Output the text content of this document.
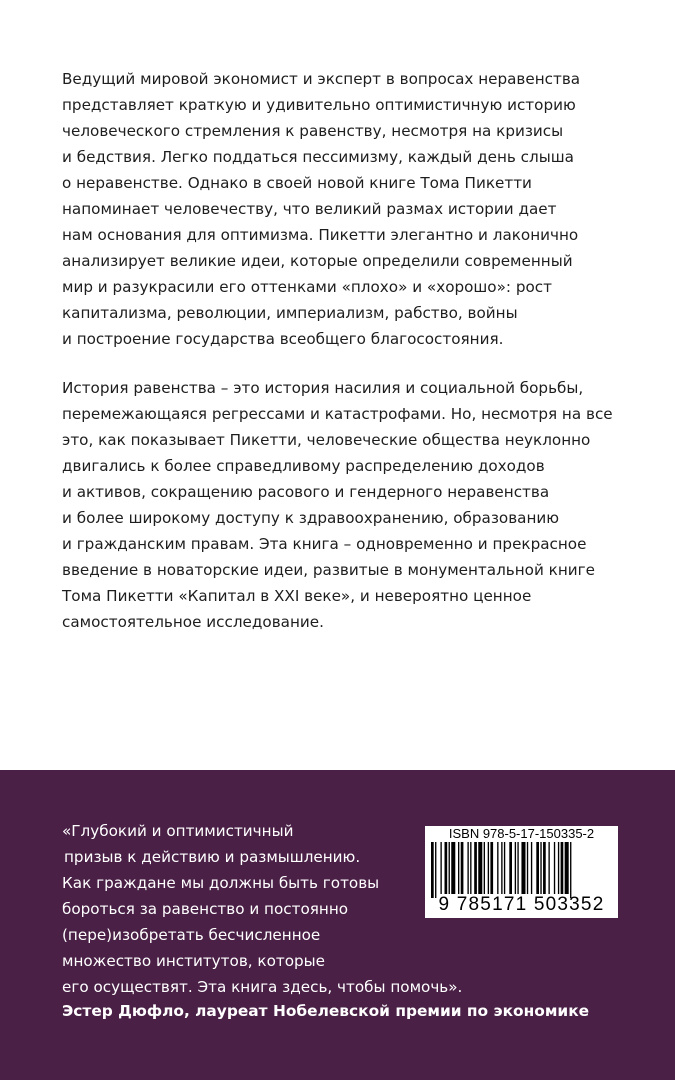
Ведущий мировой экономист и эксперт в вопросах неравенства
представляет краткую и удивительно оптимистичную историю
человеческого стремления к равенству, несмотря на кризисы
и бедствия. Легко поддаться пессимизму, каждый день слыша
о неравенстве. Однако в своей новой книге Тома Пикетти
напоминает человечеству, что великий размах истории дает
нам основания для оптимизма. Пикетти элегантно и лаконично
анализирует великие идеи, которые определили современный
мир и разукрасили его оттенками «плохо» и «хорошо»: рост
капитализма, революции, империализм, рабство, войны
и построение государства всеобщего благосостояния.
История равенства – это история насилия и социальной борьбы,
перемежающаяся регрессами и катастрофами. Но, несмотря на все
это, как показывает Пикетти, человеческие общества неуклонно
двигались к более справедливому распределению доходов
и активов, сокращению расового и гендерного неравенства
и более широкому доступу к здравоохранению, образованию
и гражданским правам. Эта книга – одновременно и прекрасное
введение в новаторские идеи, развитые в монументальной книге
Тома Пикетти «Капитал в XXI веке», и невероятно ценное
самостоятельное исследование.
«Глубокий и оптимистичный
призыв к действию и размышлению.
Как граждане мы должны быть готовы
бороться за равенство и постоянно
(пере)изобретать бесчисленное
множество институтов, которые
его осуществят. Эта книга здесь, чтобы помочь».
ISBN 978-5-17-150335-2
9 785171 503352
Эстер Дюфло, лауреат Нобелевской премии по экономике
